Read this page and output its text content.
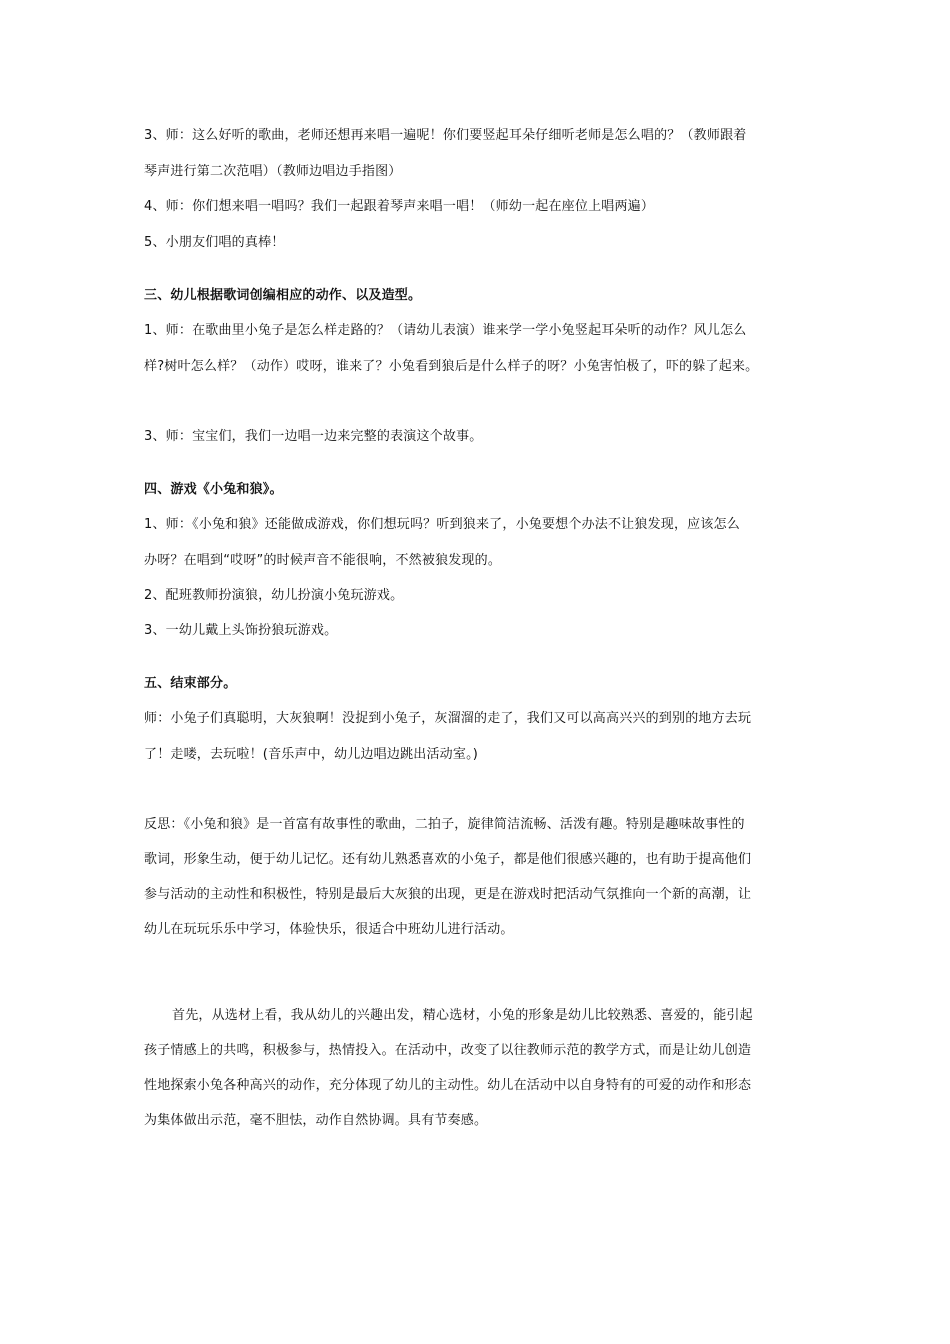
3、师：这么好听的歌曲，老师还想再来唱一遍呢！你们要竖起耳朵仔细听老师是怎么唱的？（教师跟着
琴声进行第二次范唱）（教师边唱边手指图）
4、师：你们想来唱一唱吗？我们一起跟着琴声来唱一唱！（师幼一起在座位上唱两遍）
5、小朋友们唱的真棒！
三、幼儿根据歌词创编相应的动作、以及造型。
1、师：在歌曲里小兔子是怎么样走路的？（请幼儿表演）谁来学一学小兔竖起耳朵听的动作？风儿怎么
样?树叶怎么样？（动作）哎呀，谁来了？小兔看到狼后是什么样子的呀？小兔害怕极了，吓的躲了起来。
3、师：宝宝们，我们一边唱一边来完整的表演这个故事。
四、游戏《小兔和狼》。
1、师：《小兔和狼》还能做成游戏，你们想玩吗？听到狼来了，小兔要想个办法不让狼发现，应该怎么
办呀？在唱到“哎呀”的时候声音不能很响，不然被狼发现的。
2、配班教师扮演狼，幼儿扮演小兔玩游戏。
3、一幼儿戴上头饰扮狼玩游戏。
五、结束部分。
师：小兔子们真聪明，大灰狼啊！没捉到小兔子，灰溜溜的走了，我们又可以高高兴兴的到别的地方去玩
了！走喽，去玩啦！(音乐声中，幼儿边唱边跳出活动室。)
反思：《小兔和狼》是一首富有故事性的歌曲，二拍子，旋律简洁流畅、活泼有趣。特别是趣味故事性的
歌词，形象生动，便于幼儿记忆。还有幼儿熟悉喜欢的小兔子，都是他们很感兴趣的，也有助于提高他们
参与活动的主动性和积极性，特别是最后大灰狼的出现，更是在游戏时把活动气氛推向一个新的高潮，让
幼儿在玩玩乐乐中学习，体验快乐，很适合中班幼儿进行活动。
首先，从选材上看，我从幼儿的兴趣出发，精心选材，小兔的形象是幼儿比较熟悉、喜爱的，能引起
孩子情感上的共鸣，积极参与，热情投入。在活动中，改变了以往教师示范的教学方式，而是让幼儿创造
性地探索小兔各种高兴的动作，充分体现了幼儿的主动性。幼儿在活动中以自身特有的可爱的动作和形态
为集体做出示范，毫不胆怯，动作自然协调。具有节奏感。
